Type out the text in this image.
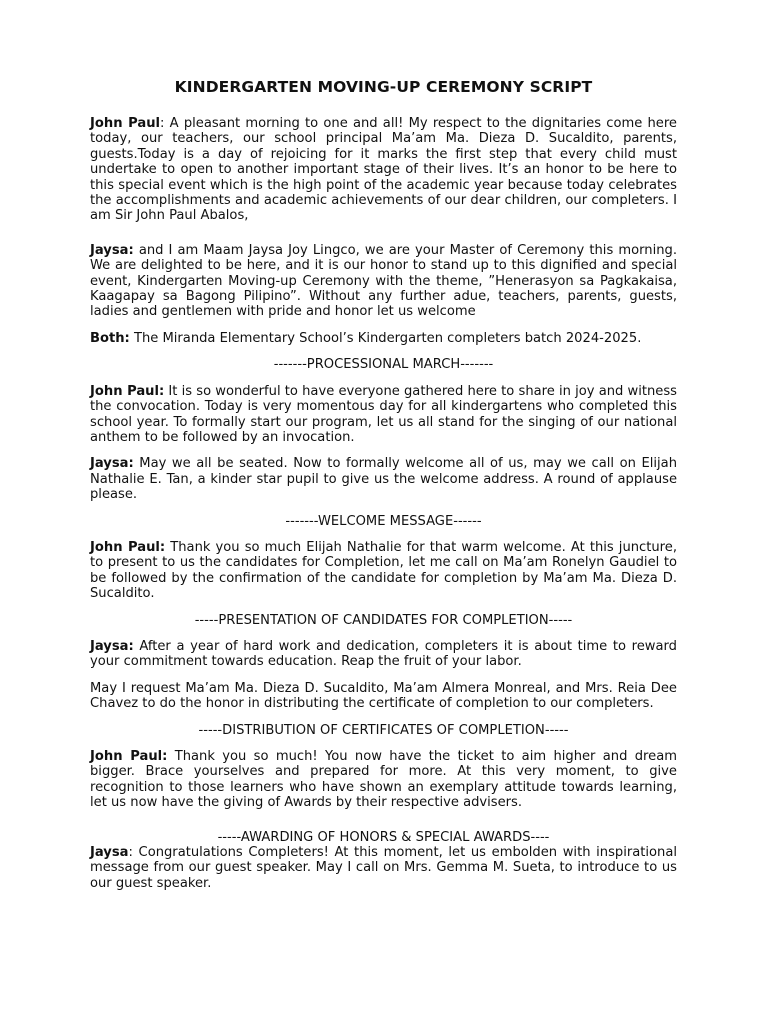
KINDERGARTEN MOVING-UP CEREMONY SCRIPT

John Paul: A pleasant morning to one and all! My respect to the dignitaries come here today, our teachers, our school principal Ma’am Ma. Dieza D. Sucaldito, parents, guests.Today is a day of rejoicing for it marks the first step that every child must undertake to open to another important stage of their lives. It’s an honor to be here to this special event which is the high point of the academic year because today celebrates the accomplishments and academic achievements of our dear children, our completers. I am Sir John Paul Abalos,

Jaysa: and I am Maam Jaysa Joy Lingco, we are your Master of Ceremony this morning. We are delighted to be here, and it is our honor to stand up to this dignified and special event, Kindergarten Moving-up Ceremony with the theme, ”Henerasyon sa Pagkakaisa, Kaagapay sa Bagong Pilipino”. Without any further adue, teachers, parents, guests, ladies and gentlemen with pride and honor let us welcome

Both: The Miranda Elementary School’s Kindergarten completers batch 2024-2025.

-------PROCESSIONAL MARCH-------

John Paul: It is so wonderful to have everyone gathered here to share in joy and witness the convocation. Today is very momentous day for all kindergartens who completed this school year. To formally start our program, let us all stand for the singing of our national anthem to be followed by an invocation.

Jaysa: May we all be seated. Now to formally welcome all of us, may we call on Elijah Nathalie E. Tan, a kinder star pupil to give us the welcome address. A round of applause please.

-------WELCOME MESSAGE------

John Paul: Thank you so much Elijah Nathalie for that warm welcome. At this juncture, to present to us the candidates for Completion, let me call on Ma’am Ronelyn Gaudiel to be followed by the confirmation of the candidate for completion by Ma’am Ma. Dieza D. Sucaldito.

-----PRESENTATION OF CANDIDATES FOR COMPLETION-----

Jaysa: After a year of hard work and dedication, completers it is about time to reward your commitment towards education. Reap the fruit of your labor.

May I request Ma’am Ma. Dieza D. Sucaldito, Ma’am Almera Monreal, and Mrs. Reia Dee Chavez to do the honor in distributing the certificate of completion to our completers.

-----DISTRIBUTION OF CERTIFICATES OF COMPLETION-----

John Paul: Thank you so much! You now have the ticket to aim higher and dream bigger. Brace yourselves and prepared for more. At this very moment, to give recognition to those learners who have shown an exemplary attitude towards learning, let us now have the giving of Awards by their respective advisers.

-----AWARDING OF HONORS & SPECIAL AWARDS----

Jaysa: Congratulations Completers! At this moment, let us embolden with inspirational message from our guest speaker. May I call on Mrs. Gemma M. Sueta, to introduce to us our guest speaker.
